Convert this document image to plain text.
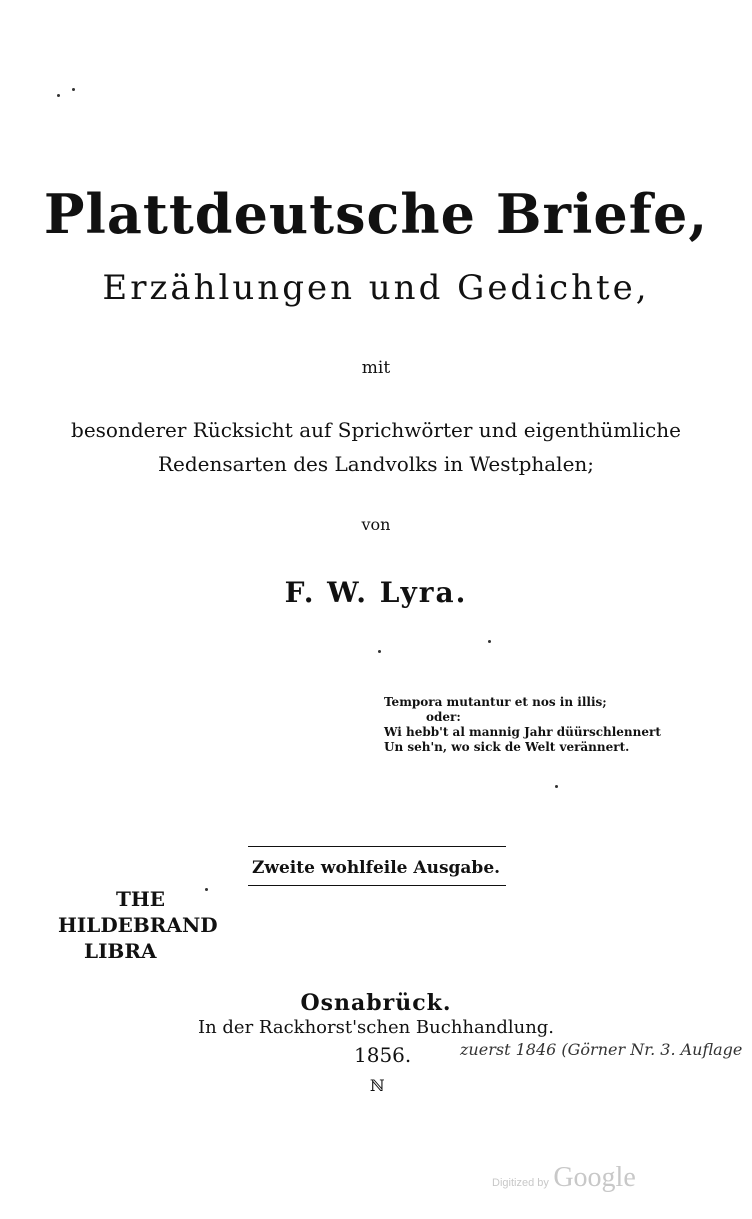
Plattdeutsche Briefe,
Erzählungen und Gedichte,
mit
besonderer Rücksicht auf Sprichwörter und eigenthümliche
Redensarten des Landvolks in Westphalen;
von
F. W. Lyra.
Tempora mutantur et nos in illis;
oder:
Wi hebb't al mannig Jahr düürschlennert
Un seh'n, wo sick de Welt verännert.
Zweite wohlfeile Ausgabe.
THE
HILDEBRAND
LIBRA
Osnabrück.
In der Rackhorst'schen Buchhandlung.
1856.	zuerst 1846 (Görner Nr. 3. Auflage
ℕ
Digitized by Google
